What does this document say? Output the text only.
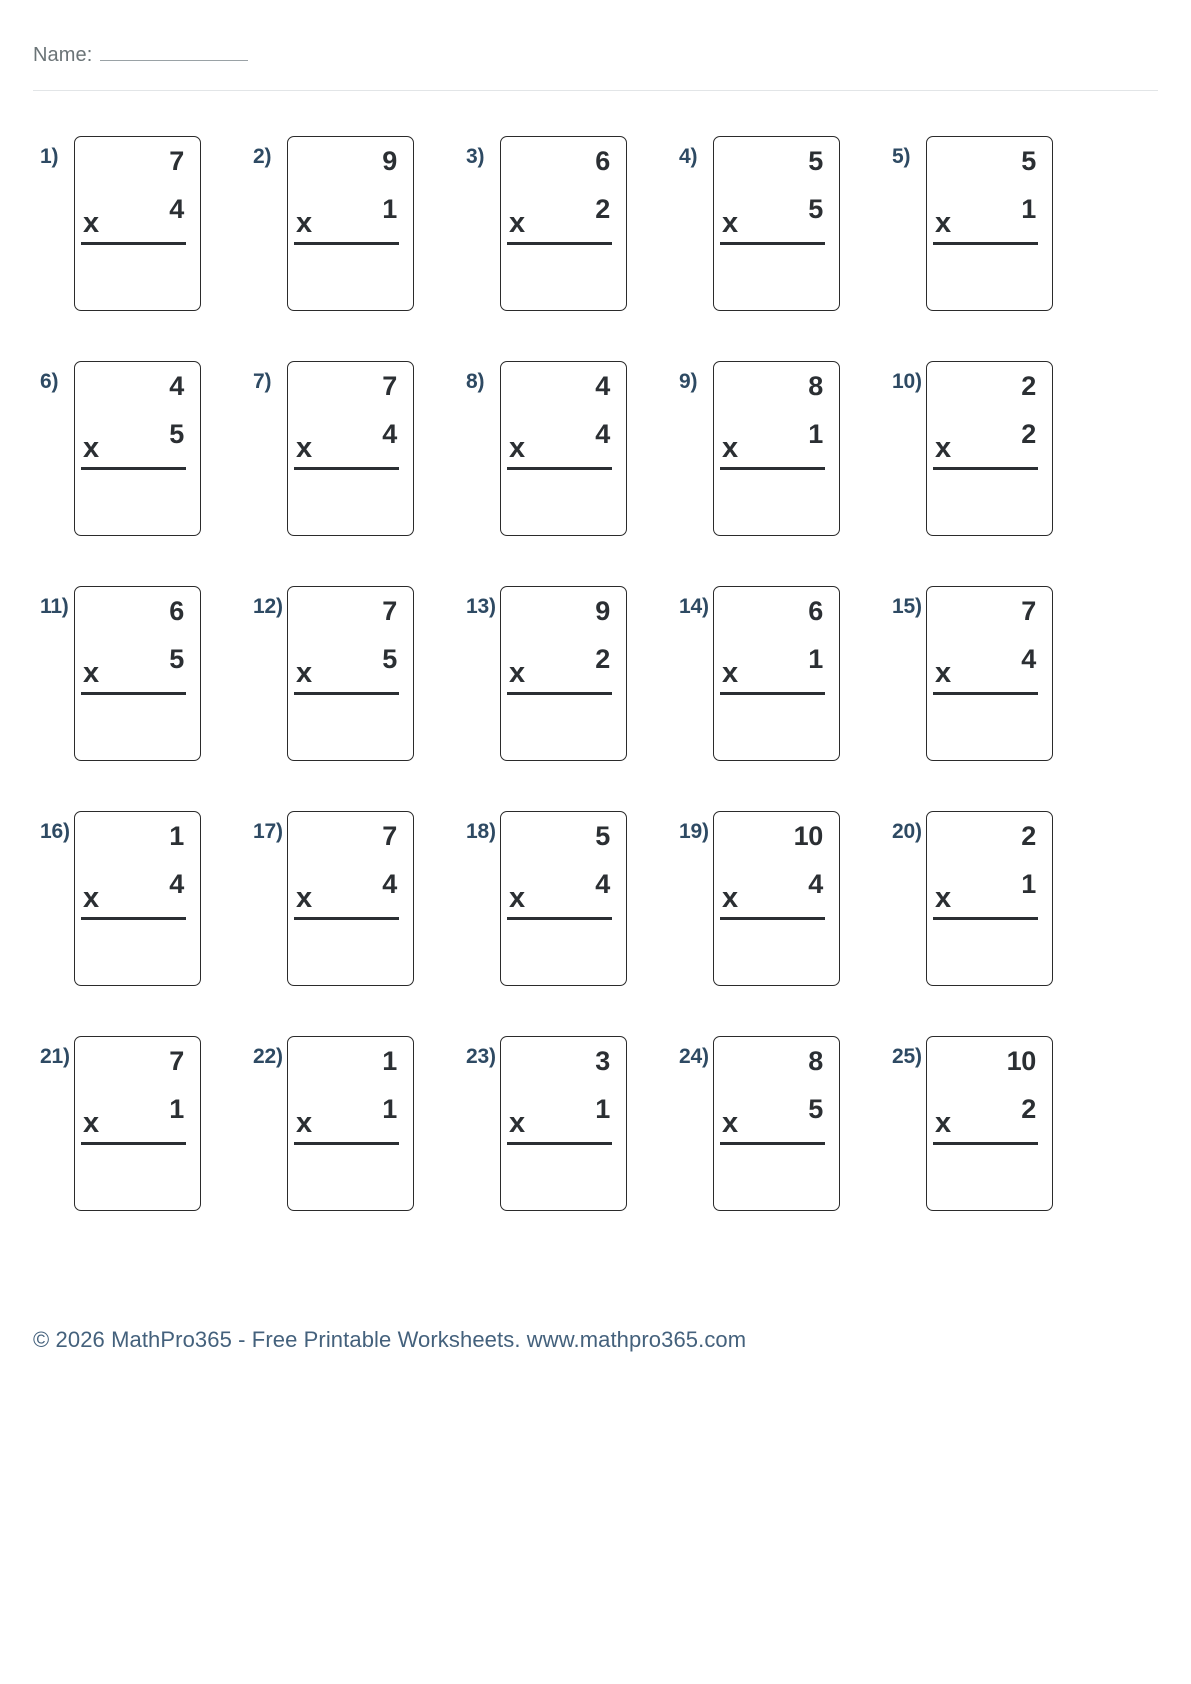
Name:
1)	7
4
x
2)	9
1
x
3)	6
2
x
4)	5
5
x
5)	5
1
x
6)	4
5
x
7)	7
4
x
8)	4
4
x
9)	8
1
x
10)	2
2
x
11)	6
5
x
12)	7
5
x
13)	9
2
x
14)	6
1
x
15)	7
4
x
16)	1
4
x
17)	7
4
x
18)	5
4
x
19)	10
4
x
20)	2
1
x
21)	7
1
x
22)	1
1
x
23)	3
1
x
24)	8
5
x
25)	10
2
x
© 2026 MathPro365 - Free Printable Worksheets. www.mathpro365.com
